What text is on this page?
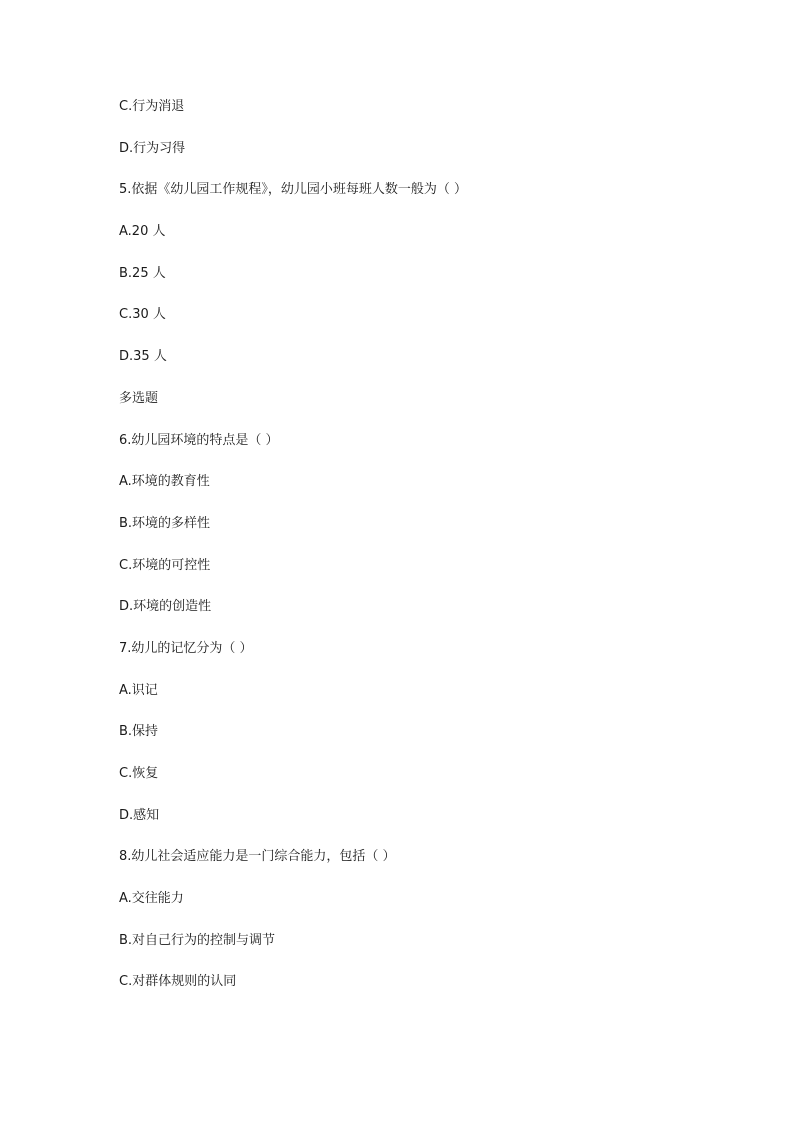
C.行为消退
D.行为习得
5.依据《幼儿园工作规程》，幼儿园小班每班人数一般为（ ）
A.20 人
B.25 人
C.30 人
D.35 人
多选题
6.幼儿园环境的特点是（ ）
A.环境的教育性
B.环境的多样性
C.环境的可控性
D.环境的创造性
7.幼儿的记忆分为（ ）
A.识记
B.保持
C.恢复
D.感知
8.幼儿社会适应能力是一门综合能力，包括（ ）
A.交往能力
B.对自己行为的控制与调节
C.对群体规则的认同
